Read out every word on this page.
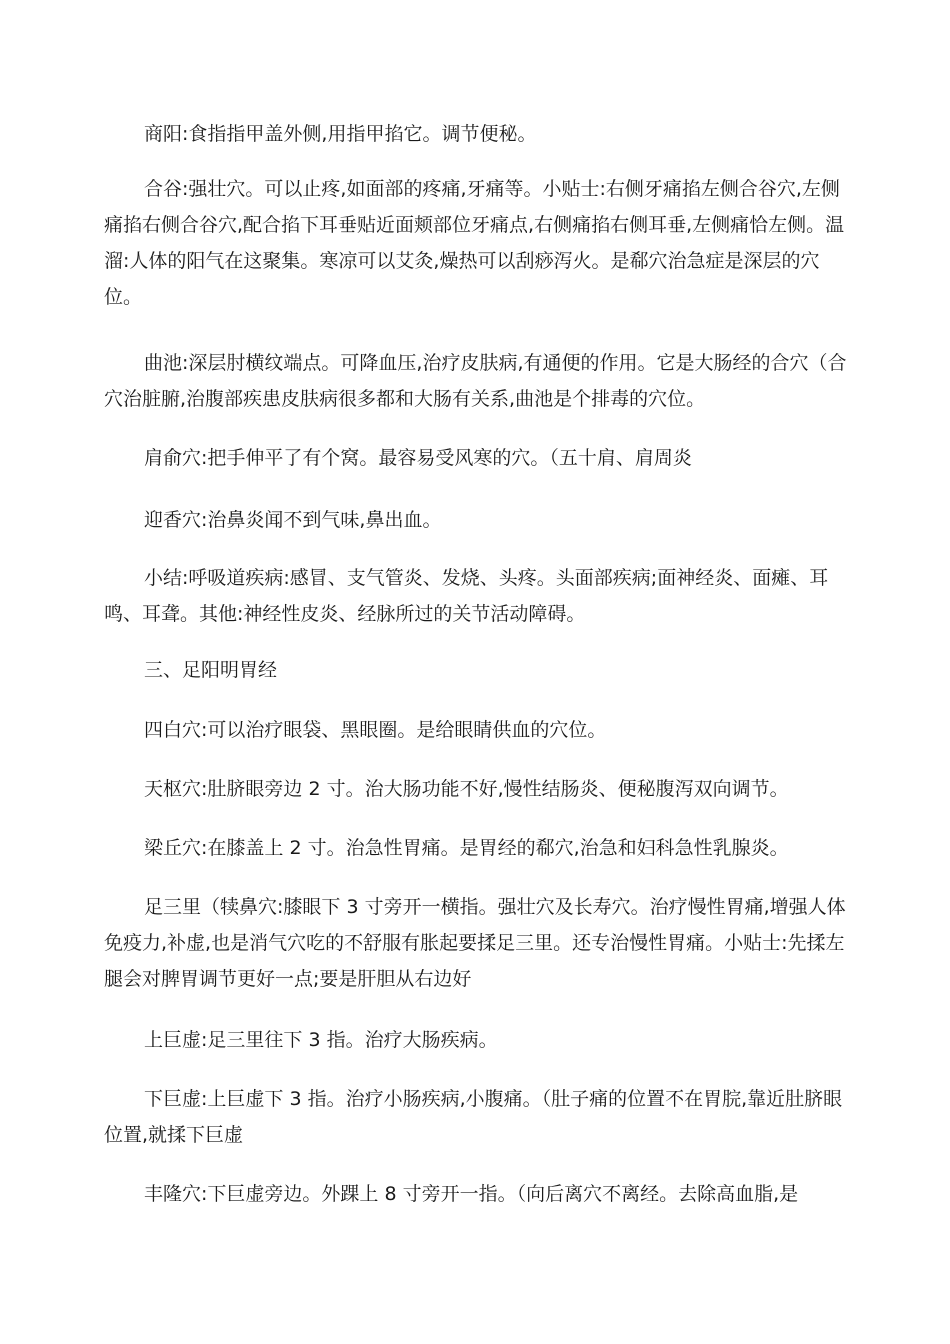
商阳:食指指甲盖外侧,用指甲掐它。调节便秘。

合谷:强壮穴。可以止疼,如面部的疼痛,牙痛等。小贴士:右侧牙痛掐左侧合谷穴,左侧痛掐右侧合谷穴,配合掐下耳垂贴近面颊部位牙痛点,右侧痛掐右侧耳垂,左侧痛恰左侧。温溜:人体的阳气在这聚集。寒凉可以艾灸,燥热可以刮痧泻火。是郗穴治急症是深层的穴位。

曲池:深层肘横纹端点。可降血压,治疗皮肤病,有通便的作用。它是大肠经的合穴（合穴治脏腑,治腹部疾患皮肤病很多都和大肠有关系,曲池是个排毒的穴位。

肩俞穴:把手伸平了有个窝。最容易受风寒的穴。（五十肩、肩周炎

迎香穴:治鼻炎闻不到气味,鼻出血。

小结:呼吸道疾病:感冒、支气管炎、发烧、头疼。头面部疾病;面神经炎、面瘫、耳鸣、耳聋。其他:神经性皮炎、经脉所过的关节活动障碍。

三、足阳明胃经

四白穴:可以治疗眼袋、黑眼圈。是给眼睛供血的穴位。

天枢穴:肚脐眼旁边 2 寸。治大肠功能不好,慢性结肠炎、便秘腹泻双向调节。

梁丘穴:在膝盖上 2 寸。治急性胃痛。是胃经的郗穴,治急和妇科急性乳腺炎。

足三里（犊鼻穴:膝眼下 3 寸旁开一横指。强壮穴及长寿穴。治疗慢性胃痛,增强人体免疫力,补虚,也是消气穴吃的不舒服有胀起要揉足三里。还专治慢性胃痛。小贴士:先揉左腿会对脾胃调节更好一点;要是肝胆从右边好

上巨虚:足三里往下 3 指。治疗大肠疾病。

下巨虚:上巨虚下 3 指。治疗小肠疾病,小腹痛。（肚子痛的位置不在胃脘,靠近肚脐眼位置,就揉下巨虚

丰隆穴:下巨虚旁边。外踝上 8 寸旁开一指。（向后离穴不离经。去除高血脂,是
